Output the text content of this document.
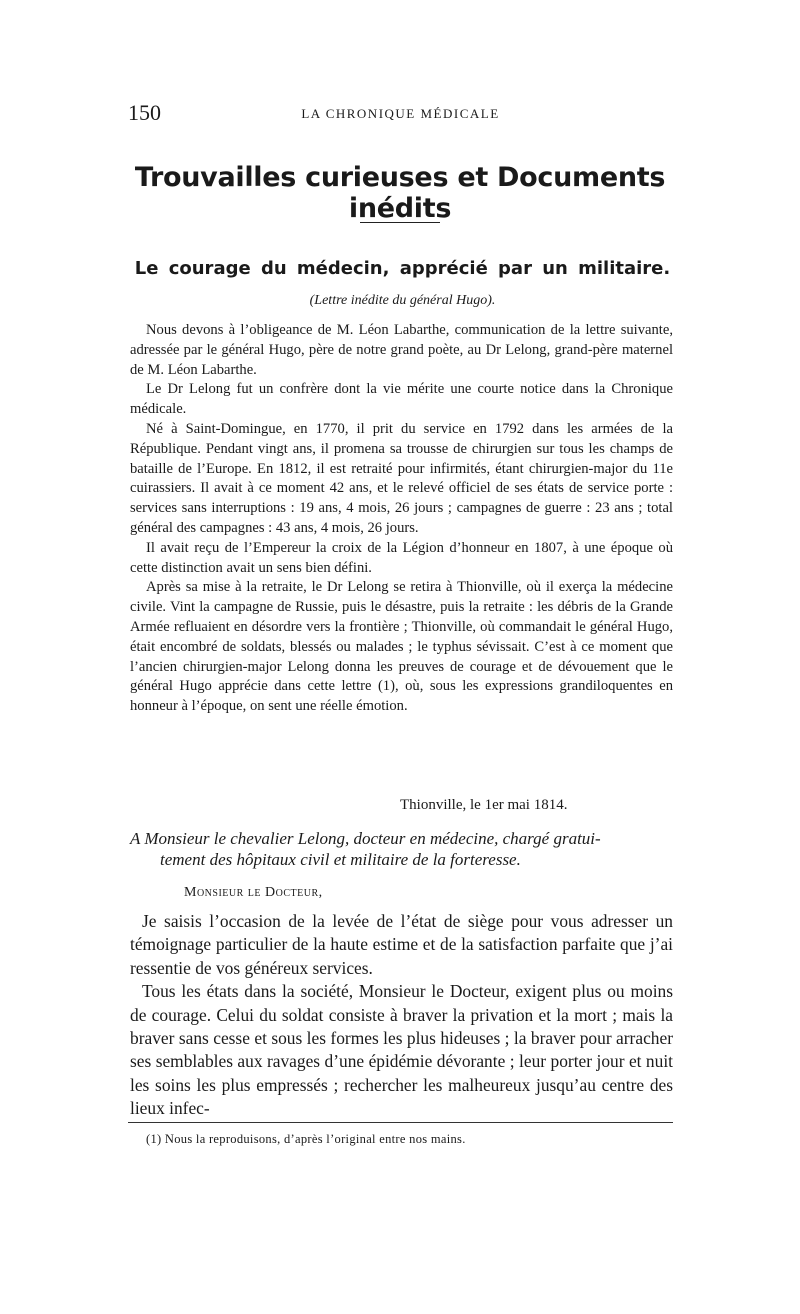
150	LA CHRONIQUE MÉDICALE
Trouvailles curieuses et Documents inédits
Le courage du médecin, apprécié par un militaire.
(Lettre inédite du général Hugo).

Nous devons à l’obligeance de M. Léon Labarthe, communication de la lettre suivante, adressée par le général Hugo, père de notre grand poète, au Dr Lelong, grand-père maternel de M. Léon Labarthe.

Le Dr Lelong fut un confrère dont la vie mérite une courte notice dans la Chronique médicale.

Né à Saint-Domingue, en 1770, il prit du service en 1792 dans les armées de la République. Pendant vingt ans, il promena sa trousse de chirurgien sur tous les champs de bataille de l’Europe. En 1812, il est retraité pour infirmités, étant chirurgien-major du 11e cuirassiers. Il avait à ce moment 42 ans, et le relevé officiel de ses états de service porte : services sans interruptions : 19 ans, 4 mois, 26 jours ; campagnes de guerre : 23 ans ; total général des campagnes : 43 ans, 4 mois, 26 jours.

Il avait reçu de l’Empereur la croix de la Légion d’honneur en 1807, à une époque où cette distinction avait un sens bien défini.

Après sa mise à la retraite, le Dr Lelong se retira à Thionville, où il exerça la médecine civile. Vint la campagne de Russie, puis le désastre, puis la retraite : les débris de la Grande Armée refluaient en désordre vers la frontière ; Thionville, où commandait le général Hugo, était encombré de soldats, blessés ou malades ; le typhus sévissait. C’est à ce moment que l’ancien chirurgien-major Lelong donna les preuves de courage et de dévouement que le général Hugo apprécie dans cette lettre (1), où, sous les expressions grandiloquentes en honneur à l’époque, on sent une réelle émotion.

Thionville, le 1er mai 1814.
A Monsieur le chevalier Lelong, docteur en médecine, chargé gratui-
tement des hôpitaux civil et militaire de la forteresse.
Monsieur le Docteur,

Je saisis l’occasion de la levée de l’état de siège pour vous adresser un témoignage particulier de la haute estime et de la satisfaction parfaite que j’ai ressentie de vos généreux services.

Tous les états dans la société, Monsieur le Docteur, exigent plus ou moins de courage. Celui du soldat consiste à braver la privation et la mort ; mais la braver sans cesse et sous les formes les plus hideuses ; la braver pour arracher ses semblables aux ravages d’une épidémie dévorante ; leur porter jour et nuit les soins les plus empressés ; rechercher les malheureux jusqu’au centre des lieux infec-

(1) Nous la reproduisons, d’après l’original entre nos mains.
